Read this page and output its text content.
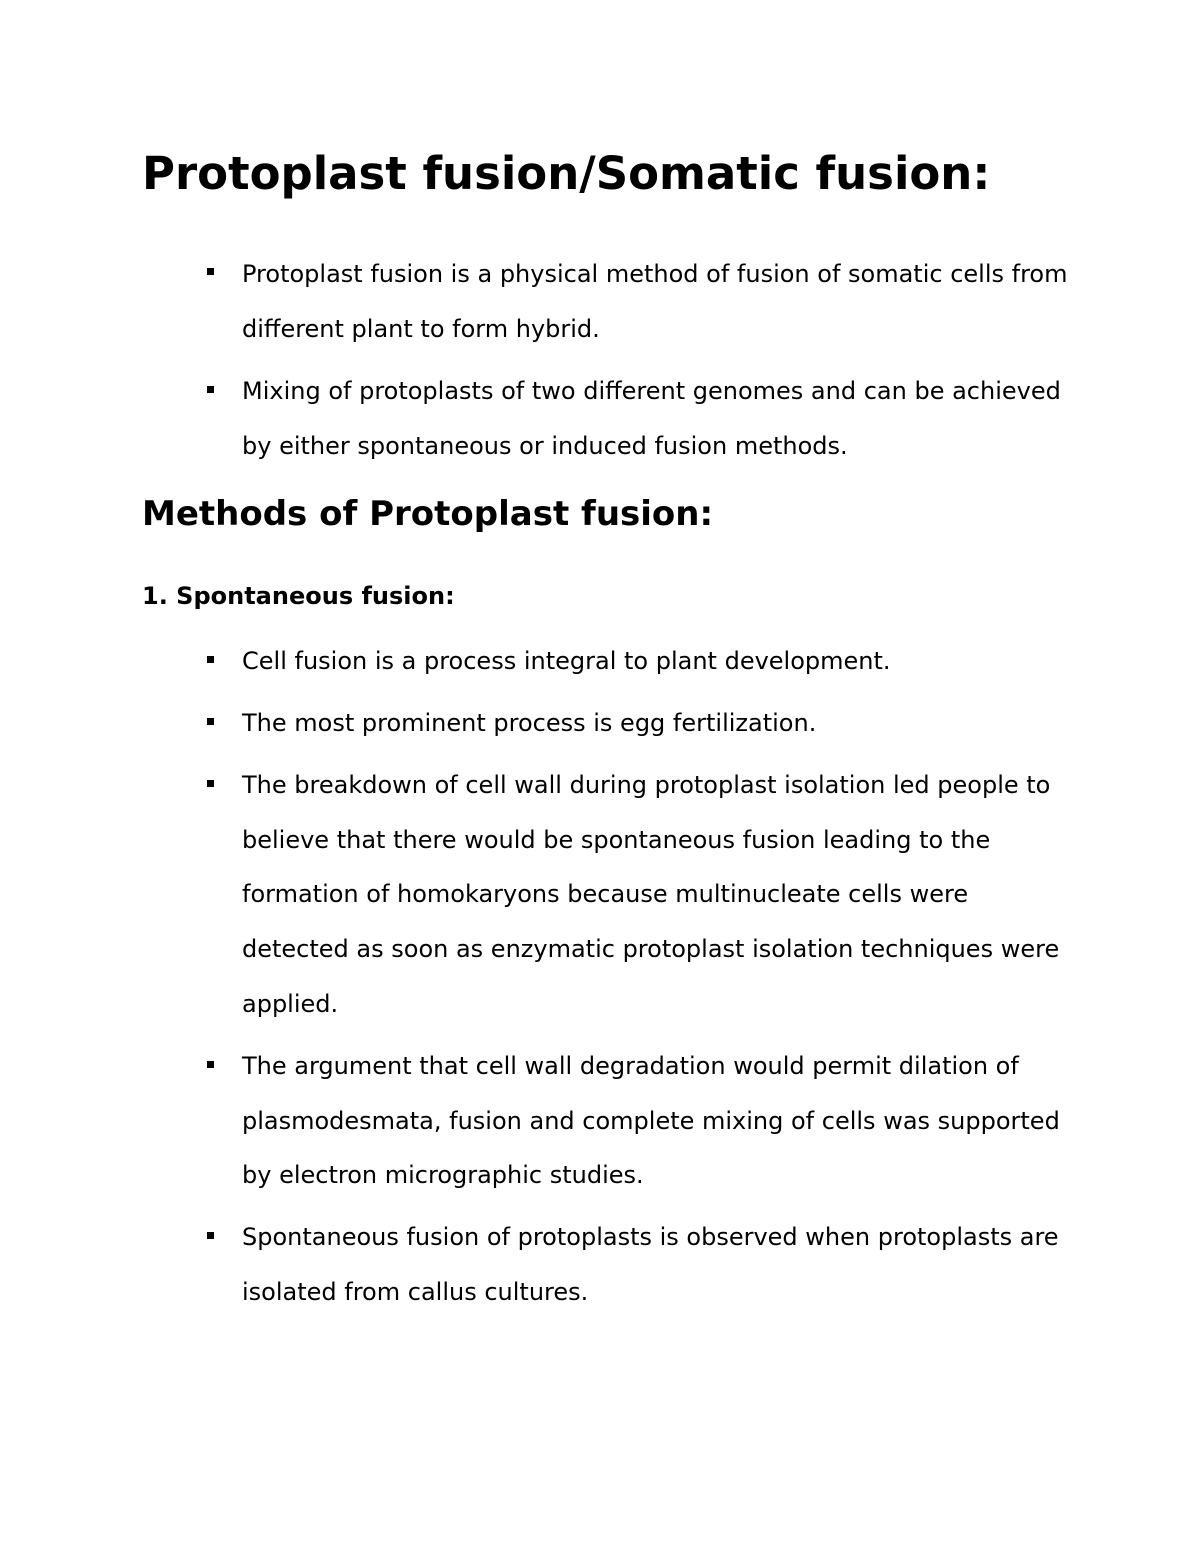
Protoplast fusion/Somatic fusion:
Protoplast fusion is a physical method of fusion of somatic cells from
different plant to form hybrid.
Mixing of protoplasts of two different genomes and can be achieved
by either spontaneous or induced fusion methods.
Methods of Protoplast fusion:
1. Spontaneous fusion:
Cell fusion is a process integral to plant development.
The most prominent process is egg fertilization.
The breakdown of cell wall during protoplast isolation led people to
believe that there would be spontaneous fusion leading to the
formation of homokaryons because multinucleate cells were
detected as soon as enzymatic protoplast isolation techniques were
applied.
The argument that cell wall degradation would permit dilation of
plasmodesmata, fusion and complete mixing of cells was supported
by electron micrographic studies.
Spontaneous fusion of protoplasts is observed when protoplasts are
isolated from callus cultures.
